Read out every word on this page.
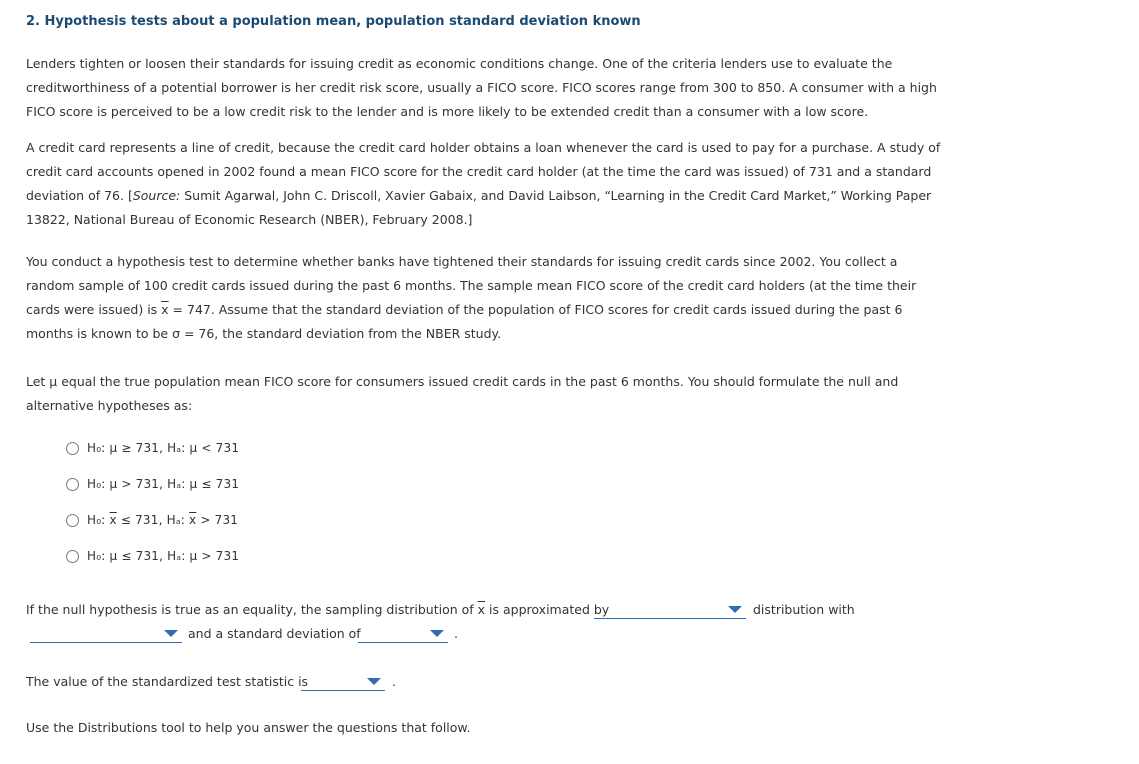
2. Hypothesis tests about a population mean, population standard deviation known

Lenders tighten or loosen their standards for issuing credit as economic conditions change. One of the criteria lenders use to evaluate the creditworthiness of a potential borrower is her credit risk score, usually a FICO score. FICO scores range from 300 to 850. A consumer with a high FICO score is perceived to be a low credit risk to the lender and is more likely to be extended credit than a consumer with a low score.

A credit card represents a line of credit, because the credit card holder obtains a loan whenever the card is used to pay for a purchase. A study of credit card accounts opened in 2002 found a mean FICO score for the credit card holder (at the time the card was issued) of 731 and a standard deviation of 76. [Source: Sumit Agarwal, John C. Driscoll, Xavier Gabaix, and David Laibson, “Learning in the Credit Card Market,” Working Paper 13822, National Bureau of Economic Research (NBER), February 2008.]

You conduct a hypothesis test to determine whether banks have tightened their standards for issuing credit cards since 2002. You collect a random sample of 100 credit cards issued during the past 6 months. The sample mean FICO score of the credit card holders (at the time their cards were issued) is $\overline{x} = 747$. Assume that the standard deviation of the population of FICO scores for credit cards issued during the past 6 months is known to be σ = 76, the standard deviation from the NBER study.

Let μ equal the true population mean FICO score for consumers issued credit cards in the past 6 months. You should formulate the null and alternative hypotheses as:

H₀: μ ≥ 731, Hₐ: μ < 731
H₀: μ > 731, Hₐ: μ ≤ 731
H₀: $\overline{x} \le 731$, Hₐ: $\overline{x} > 731$
H₀: μ ≤ 731, Hₐ: μ > 731
If the null hypothesis is true as an equality, the sampling distribution of $\overline{x}$ is approximated by	distribution with
and a standard deviation of	.
The value of the standardized test statistic is	.
Use the Distributions tool to help you answer the questions that follow.
